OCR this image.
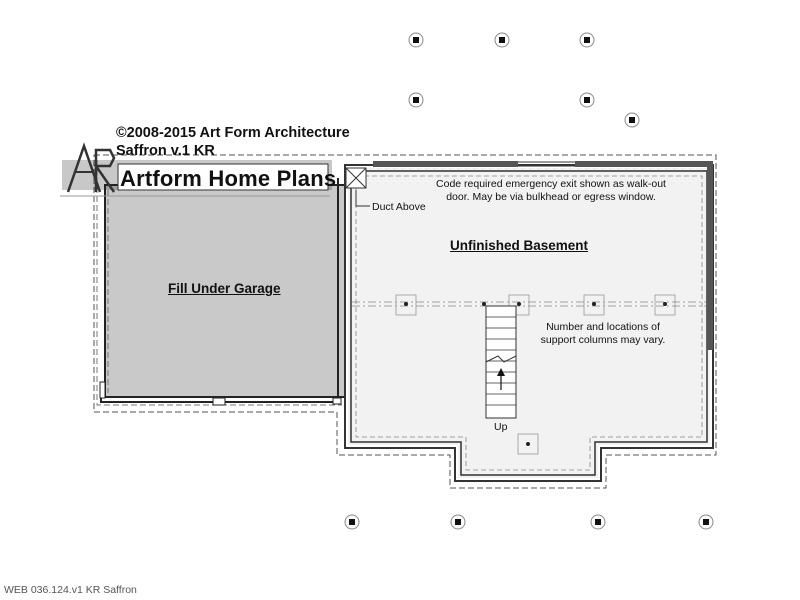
©2008-2015 Art Form Architecture
Saffron v.1 KR
Artform Home Plans
Fill Under Garage
Unfinished Basement
Duct Above
Code required emergency exit shown as walk-out
door. May be via bulkhead or egress window.
Number and locations of
support columns may vary.
Up
WEB 036.124.v1 KR Saffron
